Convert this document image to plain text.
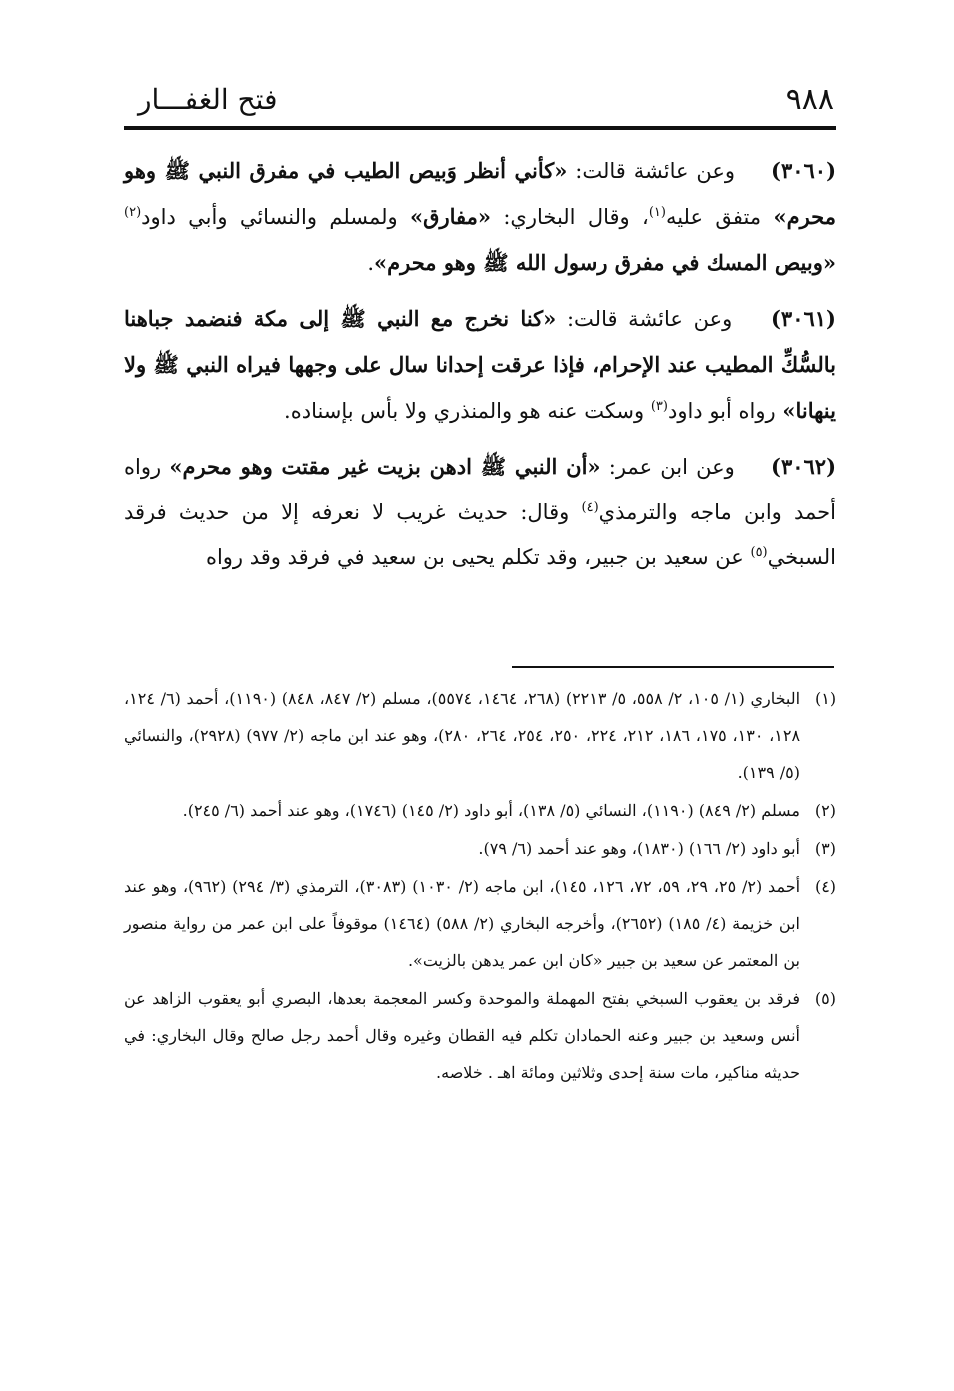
٩٨٨
فتح الغفـــار

(٣٠٦٠) وعن عائشة قالت: «كأني أنظر وَبيص الطيب في مفرق النبي ﷺ وهو محرم» متفق عليه$^{(١)}$، وقال البخاري: «مفارق» ولمسلم والنسائي وأبي داود$^{(٢)}$ «وبيص المسك في مفرق رسول الله ﷺ وهو محرم».

(٣٠٦١) وعن عائشة قالت: «كنا نخرج مع النبي ﷺ إلى مكة فنضمد جباهنا بالسُّكِّ المطيب عند الإحرام، فإذا عرقت إحدانا سال على وجهها فيراه النبي ﷺ ولا ينهانا» رواه أبو داود$^{(٣)}$ وسكت عنه هو والمنذري ولا بأس بإسناده.

(٣٠٦٢) وعن ابن عمر: «أن النبي ﷺ ادهن بزيت غير مقتت وهو محرم» رواه أحمد وابن ماجه والترمذي$^{(٤)}$ وقال: حديث غريب لا نعرفه إلا من حديث فرقد السبخي$^{(٥)}$ عن سعيد بن جبير، وقد تكلم يحيى بن سعيد في فرقد وقد رواه

(١)البخاري (١/ ١٠٥، ٢/ ٥٥٨، ٥/ ٢٢١٣) (٢٦٨، ١٤٦٤، ٥٥٧٤)، مسلم (٢/ ٨٤٧، ٨٤٨) (١١٩٠)، أحمد (٦/ ١٢٤، ١٢٨، ١٣٠، ١٧٥، ١٨٦، ٢١٢، ٢٢٤، ٢٥٠، ٢٥٤، ٢٦٤، ٢٨٠)، وهو عند ابن ماجه (٢/ ٩٧٧) (٢٩٢٨)، والنسائي (٥/ ١٣٩).
(٢)مسلم (٢/ ٨٤٩) (١١٩٠)، النسائي (٥/ ١٣٨)، أبو داود (٢/ ١٤٥) (١٧٤٦)، وهو عند أحمد (٦/ ٢٤٥).
(٣)أبو داود (٢/ ١٦٦) (١٨٣٠)، وهو عند أحمد (٦/ ٧٩).
(٤)أحمد (٢/ ٢٥، ٢٩، ٥٩، ٧٢، ١٢٦، ١٤٥)، ابن ماجه (٢/ ١٠٣٠) (٣٠٨٣)، الترمذي (٣/ ٢٩٤) (٩٦٢)، وهو عند ابن خزيمة (٤/ ١٨٥) (٢٦٥٢)، وأخرجه البخاري (٢/ ٥٨٨) (١٤٦٤) موقوفاً على ابن عمر من رواية منصور بن المعتمر عن سعيد بن جبير «كان ابن عمر يدهن بالزيت».
(٥)فرقد بن يعقوب السبخي بفتح المهملة والموحدة وكسر المعجمة بعدها، البصري أبو يعقوب الزاهد عن أنس وسعيد بن جبير وعنه الحمادان تكلم فيه القطان وغيره وقال أحمد رجل صالح وقال البخاري: في حديثه مناكير، مات سنة إحدى وثلاثين ومائة اهـ . خلاصه.
